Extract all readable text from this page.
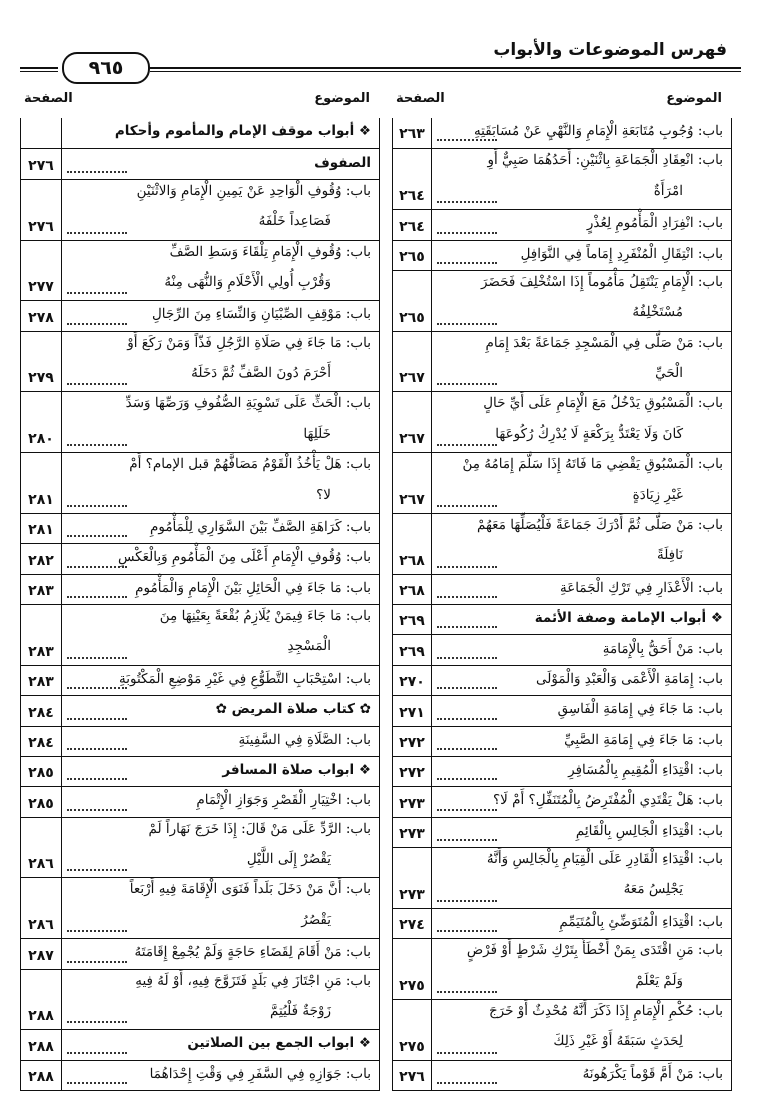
فهرس الموضوعات والأبواب
٩٦٥
الموضوع
الصفحة
الموضوع
الصفحة
باب: وُجُوبِ مُتَابَعَةِ الْإِمَامِ وَالنَّهْيِ عَنْ مُسَابَقَتِهِ
٢٦٣
باب: انْعِقَادِ الْجَمَاعَةِ بِاثْنَيْنِ: أَحَدُهُمَا صَبِيٌّ أَوِ
امْرَأَةٌ
٢٦٤
باب: انْفِرَادِ الْمَأْمُومِ لِعُذْرٍ
٢٦٤
باب: انْتِقَالِ الْمُنْفَرِدِ إِمَاماً فِي النَّوَافِلِ
٢٦٥
باب: الْإِمَامِ يَنْتَقِلُ مَأْمُوماً إِذَا اسْتُخْلِفَ فَحَضَرَ
مُسْتَخْلِفُهُ
٢٦٥
باب: مَنْ صَلَّى فِي الْمَسْجِدِ جَمَاعَةً بَعْدَ إِمَامِ
الْحَيِّ
٢٦٧
باب: الْمَسْبُوقِ يَدْخُلُ مَعَ الْإِمَامِ عَلَى أَيِّ حَالٍ
كَانَ وَلَا يَعْتَدُّ بِرَكْعَةٍ لَا يُدْرِكُ رُكُوعَهَا
٢٦٧
باب: الْمَسْبُوقِ يَقْضِي مَا فَاتَهُ إِذَا سَلَّمَ إِمَامُهُ مِنْ
غَيْرِ زِيَادَةٍ
٢٦٧
باب: مَنْ صَلَّى ثُمَّ أَدْرَكَ جَمَاعَةً فَلْيُصَلِّهَا مَعَهُمْ
نَافِلَةً
٢٦٨
باب: الْأَعْذَارِ فِي تَرْكِ الْجَمَاعَةِ
٢٦٨
❖ أبواب الإمامة وصفة الأئمة
٢٦٩
باب: مَنْ أَحَقُّ بِالْإِمَامَةِ
٢٦٩
باب: إِمَامَةِ الْأَعْمَى وَالْعَبْدِ وَالْمَوْلَى
٢٧٠
باب: مَا جَاءَ فِي إِمَامَةِ الْفَاسِقِ
٢٧١
باب: مَا جَاءَ فِي إِمَامَةِ الصَّبِيِّ
٢٧٢
باب: اقْتِدَاءِ الْمُقِيمِ بِالْمُسَافِرِ
٢٧٢
باب: هَلْ يَقْتَدِي الْمُفْتَرِضُ بِالْمُتَنَفِّلِ؟ أَمْ لَا؟
٢٧٣
باب: اقْتِدَاءِ الْجَالِسِ بِالْقَائِمِ
٢٧٣
باب: اقْتِدَاءِ الْقَادِرِ عَلَى الْقِيَامِ بِالْجَالِسِ وَأَنَّهُ
يَجْلِسُ مَعَهُ
٢٧٣
باب: اقْتِدَاءِ الْمُتَوَضِّئِ بِالْمُتَيَمِّمِ
٢٧٤
باب: مَنِ اقْتَدَى بِمَنْ أَخْطَأَ بِتَرْكِ شَرْطٍ أَوْ فَرْضٍ
وَلَمْ يَعْلَمْ
٢٧٥
باب: حُكْمِ الْإِمَامِ إِذَا ذَكَرَ أَنَّهُ مُحْدِثٌ أَوْ خَرَجَ
لِحَدَثٍ سَبَقَهُ أَوْ غَيْرِ ذَلِكَ
٢٧٥
باب: مَنْ أَمَّ قَوْماً يَكْرَهُونَهُ
٢٧٦
❖ أبواب موقف الإمام والمأموم وأحكام
الصفوف
٢٧٦
باب: وُقُوفِ الْوَاحِدِ عَنْ يَمِينِ الْإِمَامِ وَالاثْنَيْنِ
فَصَاعِداً خَلْفَهُ
٢٧٦
باب: وُقُوفِ الْإِمَامِ تِلْقَاءَ وَسَطِ الصَّفِّ
وَقُرْبِ أُولِي الْأَحْلَامِ وَالنُّهَى مِنْهُ
٢٧٧
باب: مَوْقِفِ الصِّبْيَانِ وَالنِّسَاءِ مِنَ الرِّجَالِ
٢٧٨
باب: مَا جَاءَ فِي صَلَاةِ الرَّجُلِ فَذّاً وَمَنْ رَكَعَ أَوْ
أَحْرَمَ دُونَ الصَّفِّ ثُمَّ دَخَلَهُ
٢٧٩
باب: الْحَثِّ عَلَى تَسْوِيَةِ الصُّفُوفِ وَرَصِّهَا وَسَدِّ
خَلَلِهَا
٢٨٠
باب: هَلْ يَأْخُذُ الْقَوْمُ مَصَافَّهُمْ قبل الإمام؟ أَمْ
لا؟
٢٨١
باب: كَرَاهَةِ الصَّفِّ بَيْنَ السَّوَارِي لِلْمَأْمُومِ
٢٨١
باب: وُقُوفِ الْإِمَامِ أَعْلَى مِنَ الْمَأْمُومِ وَبِالْعَكْسِ
٢٨٢
باب: مَا جَاءَ فِي الْحَائِلِ بَيْنَ الْإِمَامِ وَالْمَأْمُومِ
٢٨٣
باب: مَا جَاءَ فِيمَنْ يُلَازِمُ بُقْعَةً بِعَيْنِهَا مِنَ
الْمَسْجِدِ
٢٨٣
باب: اسْتِحْبَابِ التَّطَوُّعِ فِي غَيْرِ مَوْضِعِ الْمَكْتُوبَةِ
٢٨٣
✿ كتاب صلاة المريض ✿
٢٨٤
باب: الصَّلَاةِ فِي السَّفِينَةِ
٢٨٤
❖ ابواب صلاة المسافر
٢٨٥
باب: اخْتِيَارِ الْقَصْرِ وَجَوَازِ الْإِتْمَامِ
٢٨٥
باب: الرَّدِّ عَلَى مَنْ قَالَ: إِذَا خَرَجَ نَهَاراً لَمْ
يَقْصُرْ إِلَى اللَّيْلِ
٢٨٦
باب: أَنَّ مَنْ دَخَلَ بَلَداً فَنَوَى الْإِقَامَةَ فِيهِ أَرْبَعاً
يَقْصُرُ
٢٨٦
باب: مَنْ أَقَامَ لِقَضَاءِ حَاجَةٍ وَلَمْ يُجْمِعْ إِقَامَتَهُ
٢٨٧
باب: مَنِ اجْتَازَ فِي بَلَدٍ فَتَزَوَّجَ فِيهِ، أَوْ لَهُ فِيهِ
زَوْجَةٌ فَلْيُتِمَّ
٢٨٨
❖ ابواب الجمع بين الصلاتين
٢٨٨
باب: جَوَازِهِ فِي السَّفَرِ فِي وَقْتِ إِحْدَاهُمَا
٢٨٨
